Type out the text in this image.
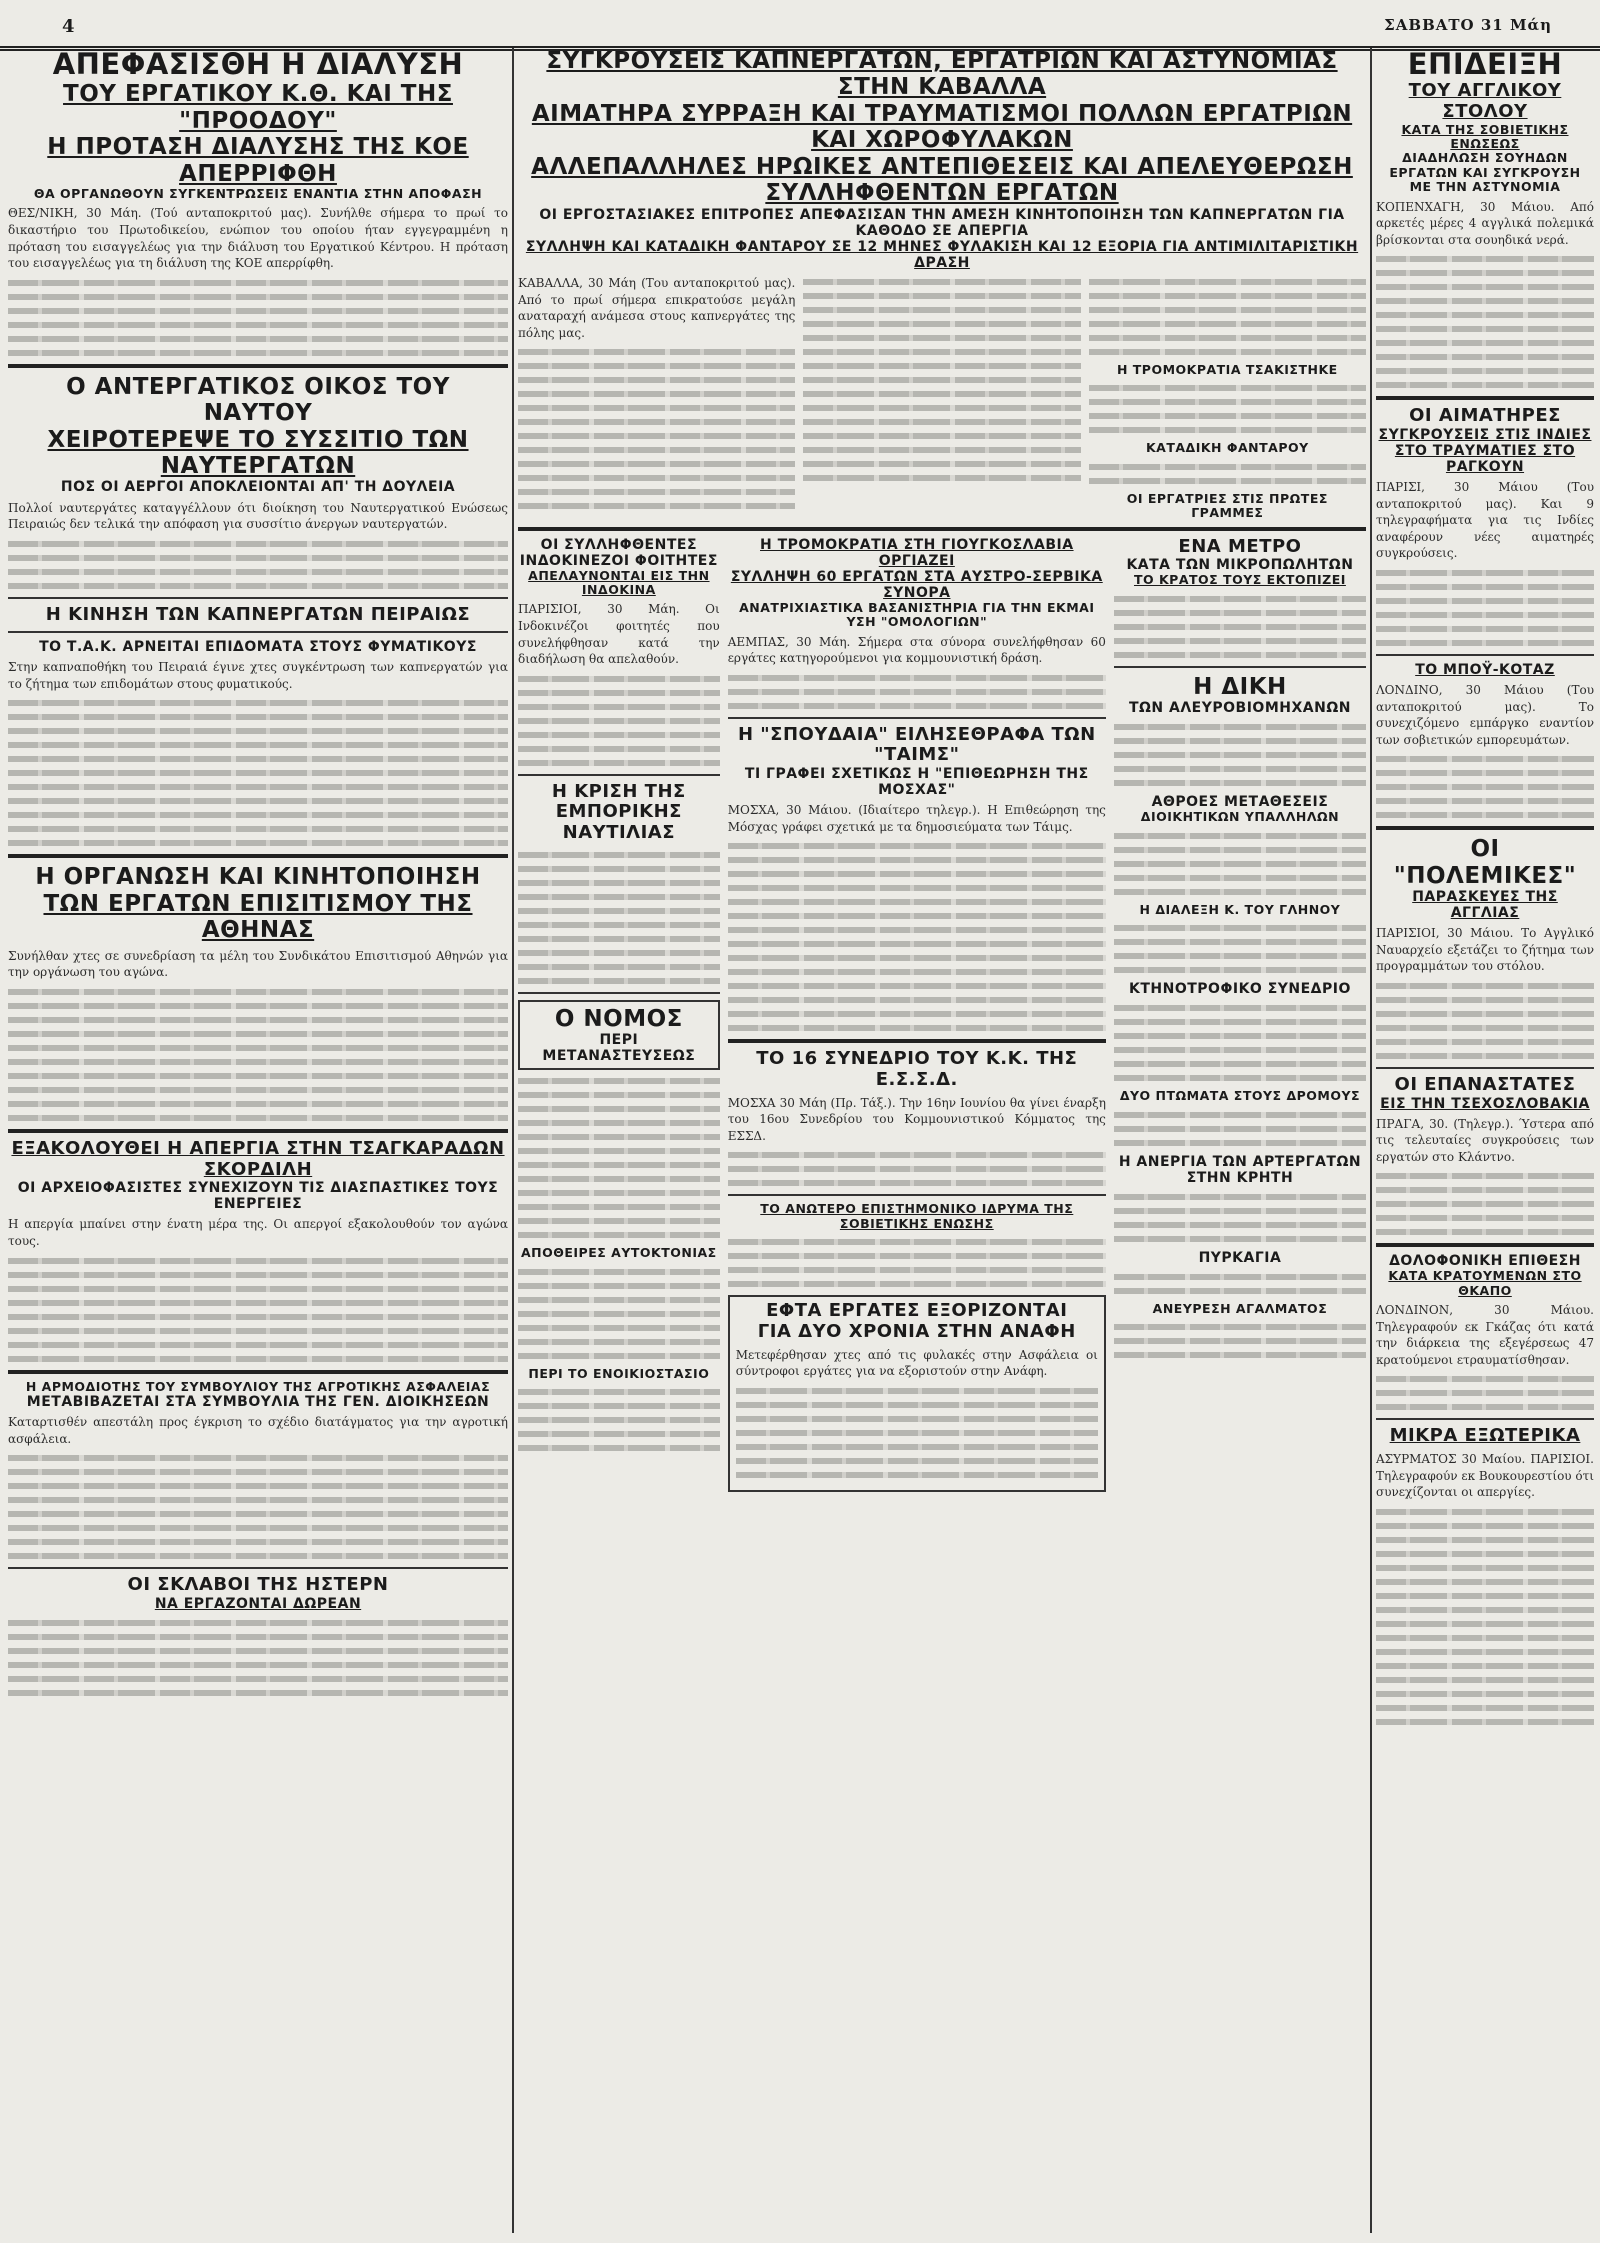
4	ΣΑΒΒΑΤΟ 31 Μάη

ΑΠΕΦΑΣΙΣΘΗ Η ΔΙΑΛΥΣΗ

ΤΟΥ ΕΡΓΑΤΙΚΟΥ Κ.Θ. ΚΑΙ ΤΗΣ "ΠΡΟΟΔΟΥ"

Η ΠΡΟΤΑΣΗ ΔΙΑΛΥΣΗΣ ΤΗΣ ΚΟΕ ΑΠΕΡΡΙΦΘΗ

ΘΑ ΟΡΓΑΝΩΘΟΥΝ ΣΥΓΚΕΝΤΡΩΣΕΙΣ ΕΝΑΝΤΙΑ ΣΤΗΝ ΑΠΟΦΑΣΗ

ΘΕΣ/ΝΙΚΗ, 30 Μάη. (Τού ανταποκριτού μας). Συνήλθε σήμερα το πρωί το δικαστήριο του Πρωτοδικείου, ενώπιον του οποίου ήταν εγγεγραμμένη η πρόταση του εισαγγελέως για την διάλυση του Εργατικού Κέντρου. Η πρόταση του εισαγγελέως για τη διάλυση της ΚΟΕ απερρίφθη.

Ο ΑΝΤΕΡΓΑΤΙΚΟΣ ΟΙΚΟΣ ΤΟΥ ΝΑΥΤΟΥ

ΧΕΙΡΟΤΕΡΕΨΕ ΤΟ ΣΥΣΣΙΤΙΟ ΤΩΝ ΝΑΥΤΕΡΓΑΤΩΝ

ΠΟΣ ΟΙ ΑΕΡΓΟΙ ΑΠΟΚΛΕΙΟΝΤΑΙ ΑΠ' ΤΗ ΔΟΥΛΕΙΑ

Πολλοί ναυτεργάτες καταγγέλλουν ότι διοίκηση του Ναυτεργατικού Ενώσεως Πειραιώς δεν τελικά την απόφαση για συσσίτιο άνεργων ναυτεργατών.

Η ΚΙΝΗΣΗ ΤΩΝ ΚΑΠΝΕΡΓΑΤΩΝ ΠΕΙΡΑΙΩΣ

ΤΟ Τ.Α.Κ. ΑΡΝΕΙΤΑΙ ΕΠΙΔΟΜΑΤΑ ΣΤΟΥΣ ΦΥΜΑΤΙΚΟΥΣ

Στην καπναποθήκη του Πειραιά έγινε χτες συγκέντρωση των καπνεργατών για το ζήτημα των επιδομάτων στους φυματικούς.

Η ΟΡΓΑΝΩΣΗ ΚΑΙ ΚΙΝΗΤΟΠΟΙΗΣΗ

ΤΩΝ ΕΡΓΑΤΩΝ ΕΠΙΣΙΤΙΣΜΟΥ ΤΗΣ ΑΘΗΝΑΣ

Συνήλθαν χτες σε συνεδρίαση τα μέλη του Συνδικάτου Επισιτισμού Αθηνών για την οργάνωση του αγώνα.

ΕΞΑΚΟΛΟΥΘΕΙ Η ΑΠΕΡΓΙΑ ΣΤΗΝ ΤΣΑΓΚΑΡΑΔΩΝ ΣΚΟΡΔΙΛΗ

ΟΙ ΑΡΧΕΙΟΦΑΣΙΣΤΕΣ ΣΥΝΕΧΙΖΟΥΝ ΤΙΣ ΔΙΑΣΠΑΣΤΙΚΕΣ ΤΟΥΣ ΕΝΕΡΓΕΙΕΣ

Η απεργία μπαίνει στην ένατη μέρα της. Οι απεργοί εξακολουθούν τον αγώνα τους.

Η ΑΡΜΟΔΙΟΤΗΣ ΤΟΥ ΣΥΜΒΟΥΛΙΟΥ ΤΗΣ ΑΓΡΟΤΙΚΗΣ ΑΣΦΑΛΕΙΑΣ

ΜΕΤΑΒΙΒΑΖΕΤΑΙ ΣΤΑ ΣΥΜΒΟΥΛΙΑ ΤΗΣ ΓΕΝ. ΔΙΟΙΚΗΣΕΩΝ

Καταρτισθέν απεστάλη προς έγκριση το σχέδιο διατάγματος για την αγροτική ασφάλεια.

ΟΙ ΣΚΛΑΒΟΙ ΤΗΣ ΗΣΤΕΡΝ

ΝΑ ΕΡΓΑΖΟΝΤΑΙ ΔΩΡΕΑΝ

ΣΥΓΚΡΟΥΣΕΙΣ ΚΑΠΝΕΡΓΑΤΩΝ, ΕΡΓΑΤΡΙΩΝ ΚΑΙ ΑΣΤΥΝΟΜΙΑΣ ΣΤΗΝ ΚΑΒΑΛΛΑ

ΑΙΜΑΤΗΡΑ ΣΥΡΡΑΞΗ ΚΑΙ ΤΡΑΥΜΑΤΙΣΜΟΙ ΠΟΛΛΩΝ ΕΡΓΑΤΡΙΩΝ ΚΑΙ ΧΩΡΟΦΥΛΑΚΩΝ

ΑΛΛΕΠΑΛΛΗΛΕΣ ΗΡΩΙΚΕΣ ΑΝΤΕΠΙΘΕΣΕΙΣ ΚΑΙ ΑΠΕΛΕΥΘΕΡΩΣΗ ΣΥΛΛΗΦΘΕΝΤΩΝ ΕΡΓΑΤΩΝ

ΟΙ ΕΡΓΟΣΤΑΣΙΑΚΕΣ ΕΠΙΤΡΟΠΕΣ ΑΠΕΦΑΣΙΣΑΝ ΤΗΝ ΑΜΕΣΗ ΚΙΝΗΤΟΠΟΙΗΣΗ ΤΩΝ ΚΑΠΝΕΡΓΑΤΩΝ ΓΙΑ ΚΑΘΟΔΟ ΣΕ ΑΠΕΡΓΙΑ

ΣΥΛΛΗΨΗ ΚΑΙ ΚΑΤΑΔΙΚΗ ΦΑΝΤΑΡΟΥ ΣΕ 12 ΜΗΝΕΣ ΦΥΛΑΚΙΣΗ ΚΑΙ 12 ΕΞΟΡΙΑ ΓΙΑ ΑΝΤΙΜΙΛΙΤΑΡΙΣΤΙΚΗ ΔΡΑΣΗ

ΚΑΒΑΛΛΑ, 30 Μάη (Του ανταποκριτού μας). Από το πρωί σήμερα επικρατούσε μεγάλη αναταραχή ανάμεσα στους καπνεργάτες της πόλης μας.

Η ΤΡΟΜΟΚΡΑΤΙΑ ΤΣΑΚΙΣΤΗΚΕ

ΚΑΤΑΔΙΚΗ ΦΑΝΤΑΡΟΥ

ΟΙ ΕΡΓΑΤΡΙΕΣ ΣΤΙΣ ΠΡΩΤΕΣ ΓΡΑΜΜΕΣ

ΟΙ ΣΥΛΛΗΦΘΕΝΤΕΣ ΙΝΔΟΚΙΝΕΖΟΙ ΦΟΙΤΗΤΕΣ

ΑΠΕΛΑΥΝΟΝΤΑΙ ΕΙΣ ΤΗΝ ΙΝΔΟΚΙΝΑ

ΠΑΡΙΣΙΟΙ, 30 Μάη. Οι Ινδοκινέζοι φοιτητές που συνελήφθησαν κατά την διαδήλωση θα απελαθούν.

Η ΚΡΙΣΗ ΤΗΣ ΕΜΠΟΡΙΚΗΣ ΝΑΥΤΙΛΙΑΣ

Ο ΝΟΜΟΣ

ΠΕΡΙ ΜΕΤΑΝΑΣΤΕΥΣΕΩΣ

ΑΠΟΘΕΙΡΕΣ ΑΥΤΟΚΤΟΝΙΑΣ

ΠΕΡΙ ΤΟ ΕΝΟΙΚΙΟΣΤΑΣΙΟ

Η ΤΡΟΜΟΚΡΑΤΙΑ ΣΤΗ ΓΙΟΥΓΚΟΣΛΑΒΙΑ ΟΡΓΙΑΖΕΙ

ΣΥΛΛΗΨΗ 60 ΕΡΓΑΤΩΝ ΣΤΑ ΑΥΣΤΡΟ-ΣΕΡΒΙΚΑ ΣΥΝΟΡΑ

ΑΝΑΤΡΙΧΙΑΣΤΙΚΑ ΒΑΣΑΝΙΣΤΗΡΙΑ ΓΙΑ ΤΗΝ ΕΚΜΑΙ ΥΣΗ "ΟΜΟΛΟΓΙΩΝ"

ΑΕΜΠΑΣ, 30 Μάη. Σήμερα στα σύνορα συνελήφθησαν 60 εργάτες κατηγορούμενοι για κομμουνιστική δράση.

Η "ΣΠΟΥΔΑΙΑ" ΕΙΛΗΣΕΘΡΑΦΑ ΤΩΝ "ΤΑΙΜΣ"

ΤΙ ΓΡΑΦΕΙ ΣΧΕΤΙΚΩΣ Η "ΕΠΙΘΕΩΡΗΣΗ ΤΗΣ ΜΟΣΧΑΣ"

ΜΟΣΧΑ, 30 Μάιου. (Ιδιαίτερο τηλεγρ.). Η Επιθεώρηση της Μόσχας γράφει σχετικά με τα δημοσιεύματα των Τάιμς.

ΤΟ 16 ΣΥΝΕΔΡΙΟ ΤΟΥ Κ.Κ. ΤΗΣ Ε.Σ.Σ.Δ.

ΜΟΣΧΑ 30 Μάη (Πρ. Τάξ.). Την 16ην Ιουνίου θα γίνει έναρξη του 16ου Συνεδρίου του Κομμουνιστικού Κόμματος της ΕΣΣΔ.

ΤΟ ΑΝΩΤΕΡΟ ΕΠΙΣΤΗΜΟΝΙΚΟ ΙΔΡΥΜΑ ΤΗΣ ΣΟΒΙΕΤΙΚΗΣ ΕΝΩΣΗΣ

ΕΦΤΑ ΕΡΓΑΤΕΣ ΕΞΟΡΙΖΟΝΤΑΙ

ΓΙΑ ΔΥΟ ΧΡΟΝΙΑ ΣΤΗΝ ΑΝΑΦΗ

Μετεφέρθησαν χτες από τις φυλακές στην Ασφάλεια οι σύντροφοι εργάτες για να εξοριστούν στην Ανάφη.

ΕΝΑ ΜΕΤΡΟ

ΚΑΤΑ ΤΩΝ ΜΙΚΡΟΠΩΛΗΤΩΝ

ΤΟ ΚΡΑΤΟΣ ΤΟΥΣ ΕΚΤΟΠΙΖΕΙ

Η ΔΙΚΗ

ΤΩΝ ΑΛΕΥΡΟΒΙΟΜΗΧΑΝΩΝ

ΑΘΡΟΕΣ ΜΕΤΑΘΕΣΕΙΣ

ΔΙΟΙΚΗΤΙΚΩΝ ΥΠΑΛΛΗΛΩΝ

Η ΔΙΑΛΕΞΗ Κ. ΤΟΥ ΓΛΗΝΟΥ

ΚΤΗΝΟΤΡΟΦΙΚΟ ΣΥΝΕΔΡΙΟ

ΔΥΟ ΠΤΩΜΑΤΑ ΣΤΟΥΣ ΔΡΟΜΟΥΣ

Η ΑΝΕΡΓΙΑ ΤΩΝ ΑΡΤΕΡΓΑΤΩΝ ΣΤΗΝ ΚΡΗΤΗ

ΠΥΡΚΑΓΙΑ

ΑΝΕΥΡΕΣΗ ΑΓΑΛΜΑΤΟΣ

ΕΠΙΔΕΙΞΗ

ΤΟΥ ΑΓΓΛΙΚΟΥ ΣΤΟΛΟΥ

ΚΑΤΑ ΤΗΣ ΣΟΒΙΕΤΙΚΗΣ ΕΝΩΣΕΩΣ

ΔΙΑΔΗΛΩΣΗ ΣΟΥΗΔΩΝ ΕΡΓΑΤΩΝ ΚΑΙ ΣΥΓΚΡΟΥΣΗ ΜΕ ΤΗΝ ΑΣΤΥΝΟΜΙΑ

ΚΟΠΕΝΧΑΓΗ, 30 Μάιου. Από αρκετές μέρες 4 αγγλικά πολεμικά βρίσκονται στα σουηδικά νερά.

ΟΙ ΑΙΜΑΤΗΡΕΣ

ΣΥΓΚΡΟΥΣΕΙΣ ΣΤΙΣ ΙΝΔΙΕΣ

ΣΤΟ ΤΡΑΥΜΑΤΙΕΣ ΣΤΟ ΡΑΓΚΟΥΝ

ΠΑΡΙΣΙ, 30 Μάιου (Του ανταποκριτού μας). Και 9 τηλεγραφήματα για τις Ινδίες αναφέρουν νέες αιματηρές συγκρούσεις.

ΤΟ ΜΠΟΫ-ΚΟΤΑΖ

ΛΟΝΔΙΝΟ, 30 Μάιου (Του ανταποκριτού μας). Το συνεχιζόμενο εμπάργκο εναντίον των σοβιετικών εμπορευμάτων.

ΟΙ "ΠΟΛΕΜΙΚΕΣ"

ΠΑΡΑΣΚΕΥΕΣ ΤΗΣ ΑΓΓΛΙΑΣ

ΠΑΡΙΣΙΟΙ, 30 Μάιου. Το Αγγλικό Ναυαρχείο εξετάζει το ζήτημα των προγραμμάτων του στόλου.

ΟΙ ΕΠΑΝΑΣΤΑΤΕΣ

ΕΙΣ ΤΗΝ ΤΣΕΧΟΣΛΟΒΑΚΙΑ

ΠΡΑΓΑ, 30. (Τηλεγρ.). Ύστερα από τις τελευταίες συγκρούσεις των εργατών στο Κλάντνο.

ΔΟΛΟΦΟΝΙΚΗ ΕΠΙΘΕΣΗ

ΚΑΤΑ ΚΡΑΤΟΥΜΕΝΩΝ ΣΤΟ ΘΚΑΠΟ

ΛΟΝΔΙΝΟΝ, 30 Μάιου. Τηλεγραφούν εκ Γκάζας ότι κατά την διάρκεια της εξεγέρσεως 47 κρατούμενοι ετραυματίσθησαν.

ΜΙΚΡΑ ΕΞΩΤΕΡΙΚΑ

ΑΣΥΡΜΑΤΟΣ 30 Μαίου. ΠΑΡΙΣΙΟΙ. Τηλεγραφούν εκ Βουκουρεστίου ότι συνεχίζονται οι απεργίες.
